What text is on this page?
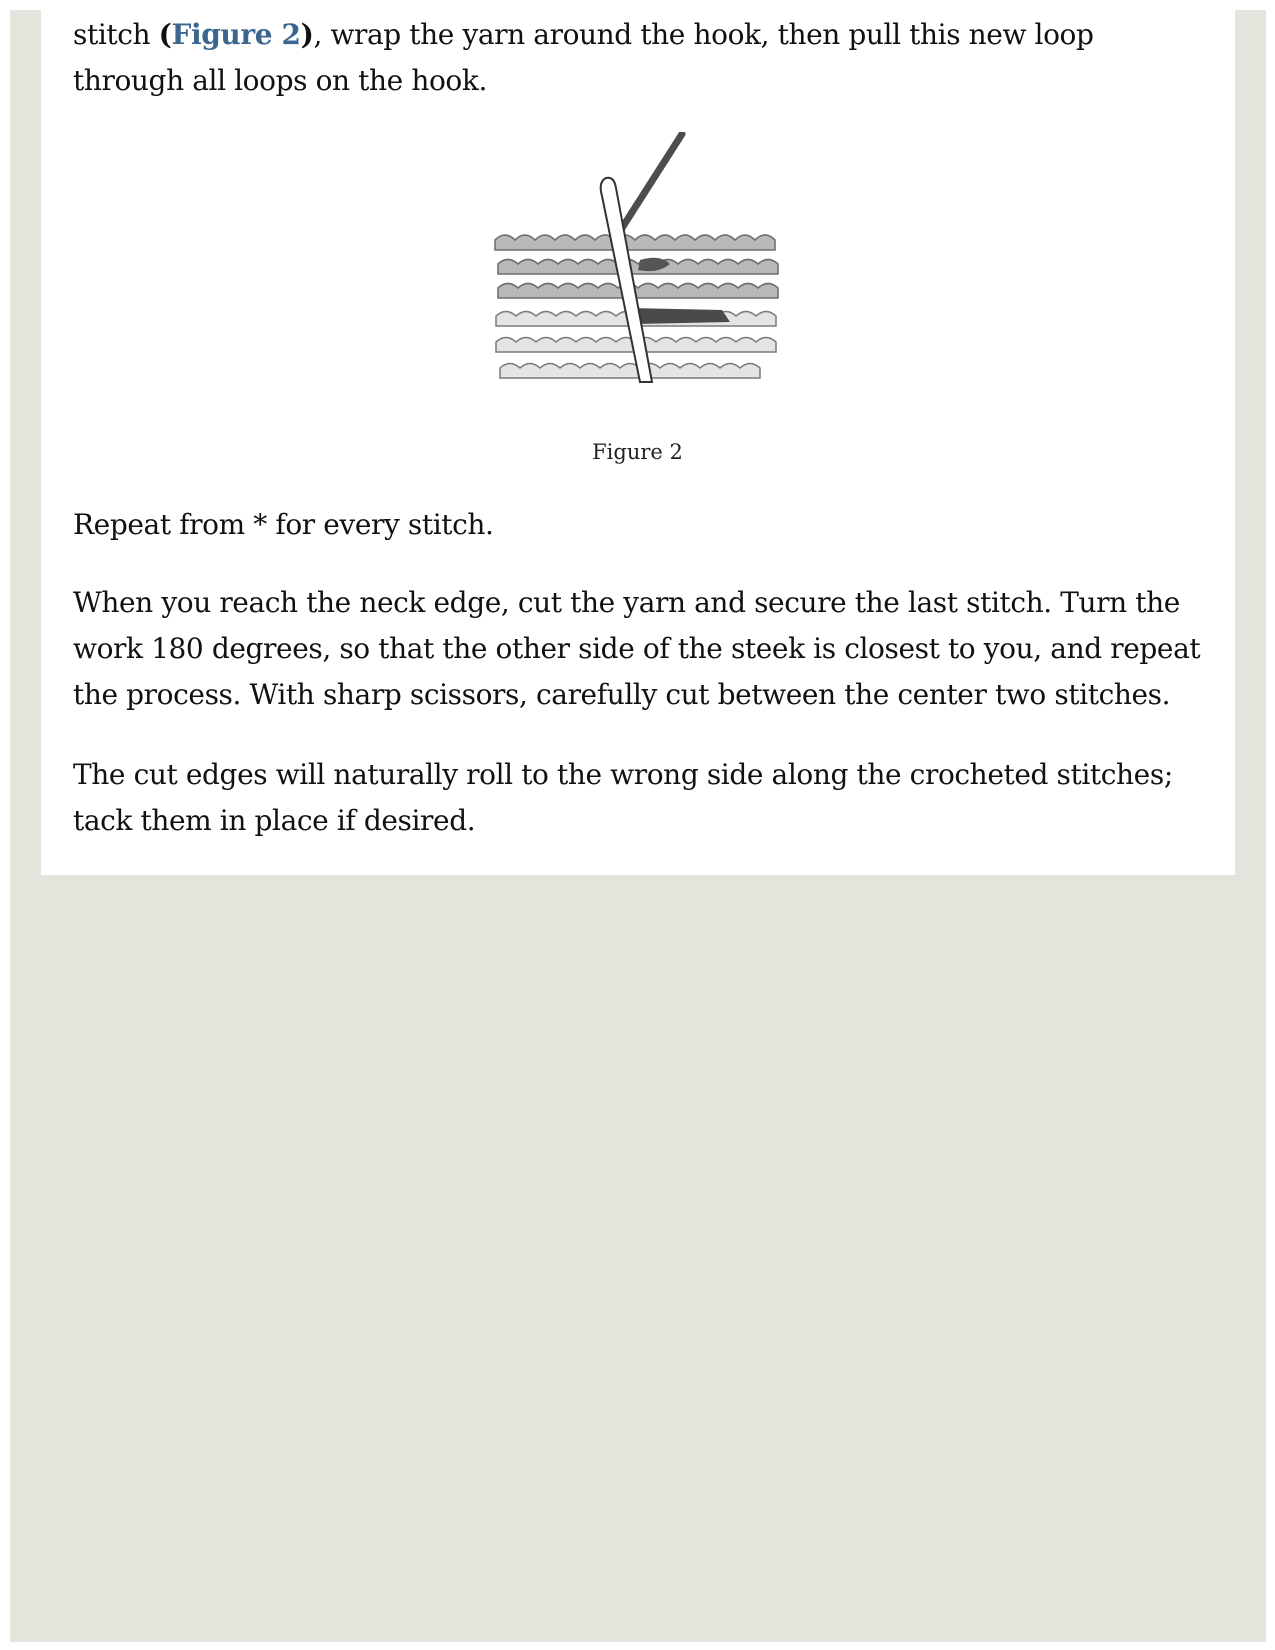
stitch (Figure 2), wrap the yarn around the hook, then pull this new loop
through all loops on the hook.

Figure 2

Repeat from * for every stitch.

When you reach the neck edge, cut the yarn and secure the last stitch. Turn the
work 180 degrees, so that the other side of the steek is closest to you, and repeat
the process. With sharp scissors, carefully cut between the center two stitches.

The cut edges will naturally roll to the wrong side along the crocheted stitches;
tack them in place if desired.
